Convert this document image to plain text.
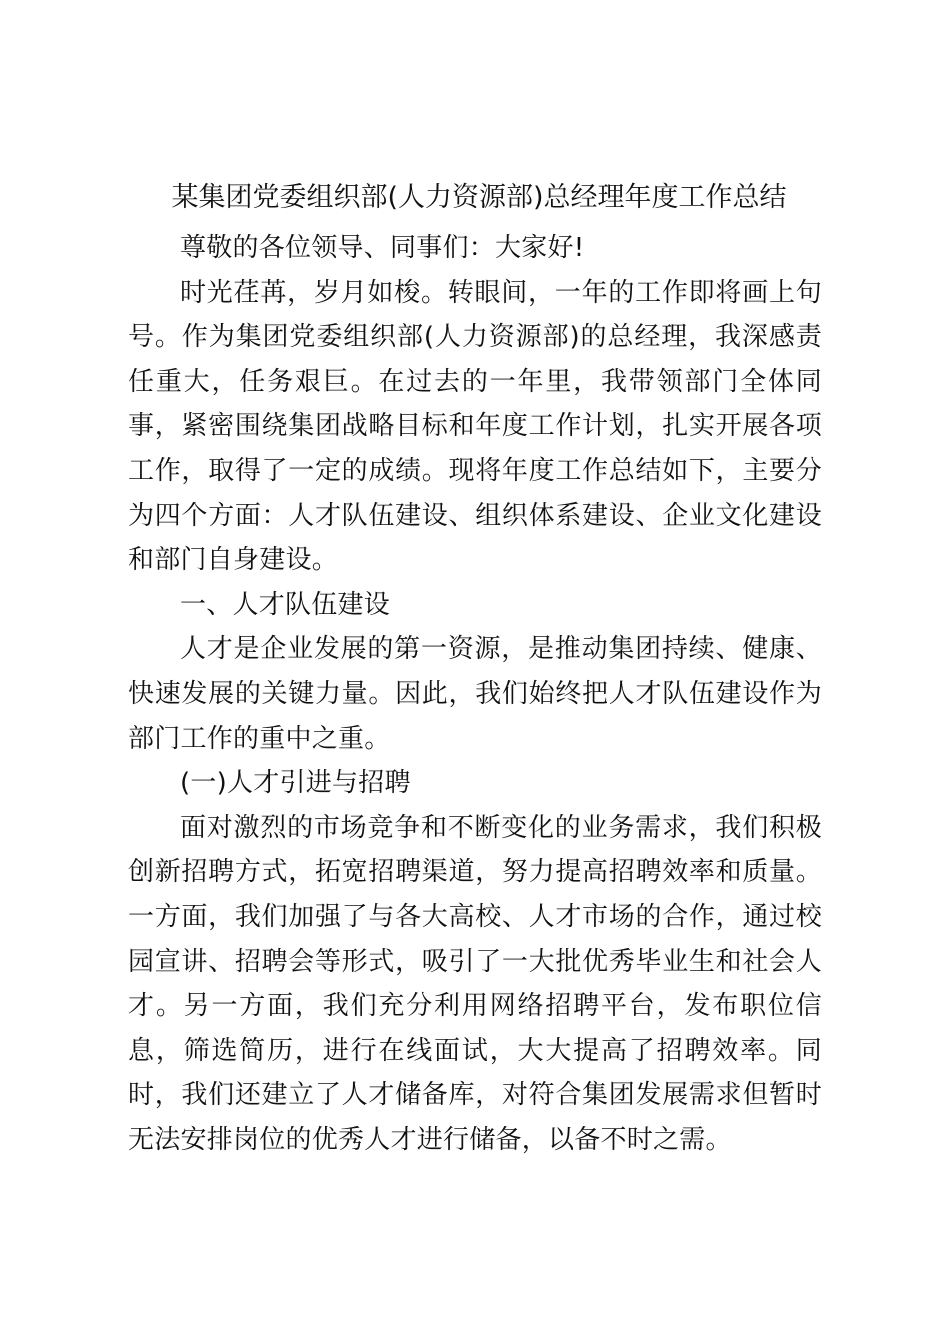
某集团党委组织部(人力资源部)总经理年度工作总结

尊敬的各位领导、同事们：大家好!

时光荏苒，岁月如梭。转眼间，一年的工作即将画上句号。作为集团党委组织部(人力资源部)的总经理，我深感责任重大，任务艰巨。在过去的一年里，我带领部门全体同事，紧密围绕集团战略目标和年度工作计划，扎实开展各项工作，取得了一定的成绩。现将年度工作总结如下，主要分为四个方面：人才队伍建设、组织体系建设、企业文化建设和部门自身建设。

一、人才队伍建设

人才是企业发展的第一资源，是推动集团持续、健康、快速发展的关键力量。因此，我们始终把人才队伍建设作为部门工作的重中之重。

(一)人才引进与招聘

面对激烈的市场竞争和不断变化的业务需求，我们积极创新招聘方式，拓宽招聘渠道，努力提高招聘效率和质量。一方面，我们加强了与各大高校、人才市场的合作，通过校园宣讲、招聘会等形式，吸引了一大批优秀毕业生和社会人才。另一方面，我们充分利用网络招聘平台，发布职位信息，筛选简历，进行在线面试，大大提高了招聘效率。同时，我们还建立了人才储备库，对符合集团发展需求但暂时无法安排岗位的优秀人才进行储备，以备不时之需。
